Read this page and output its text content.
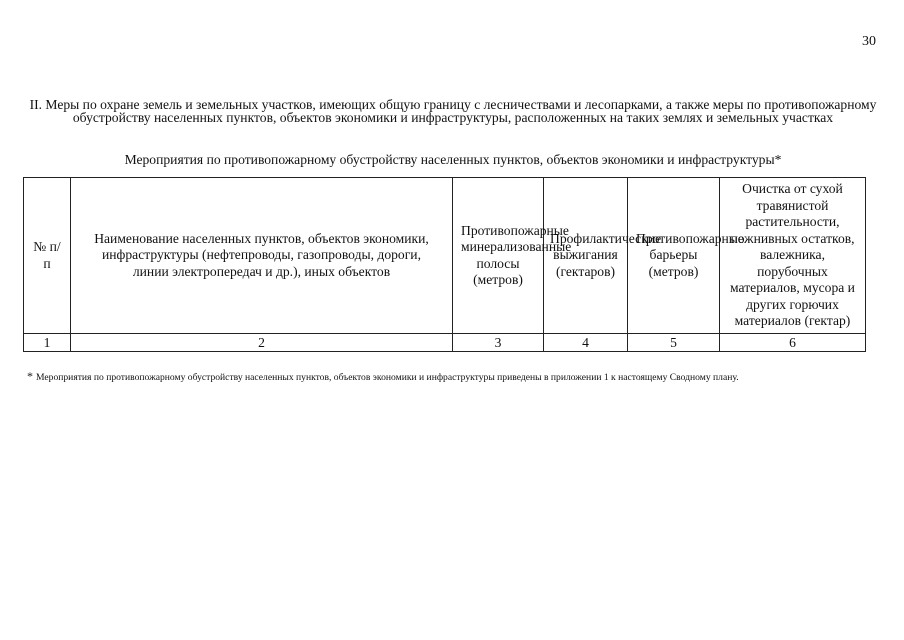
30
II. Меры по охране земель и земельных участков, имеющих общую границу с лесничествами и лесопарками, а также меры по противопожарному обустройству населенных пунктов, объектов экономики и инфраструктуры, расположенных на таких землях и земельных участках
Мероприятия по противопожарному обустройству населенных пунктов, объектов экономики и инфраструктуры*
№ п/п	Наименование населенных пунктов, объектов экономики, инфраструктуры (нефтепроводы, газопроводы, дороги, линии электропередач и др.), иных объектов	Противопожарные минерализованные полосы (метров)	Профилактические выжигания (гектаров)	Противопожарные барьеры (метров)	Очистка от сухой травянистой растительности, пожнивных остатков, валежника, порубочных материалов, мусора и других горючих материалов (гектар)

1	2	3	4	5	6
* Мероприятия по противопожарному обустройству населенных пунктов, объектов экономики и инфраструктуры приведены в приложении 1 к настоящему Сводному плану.
